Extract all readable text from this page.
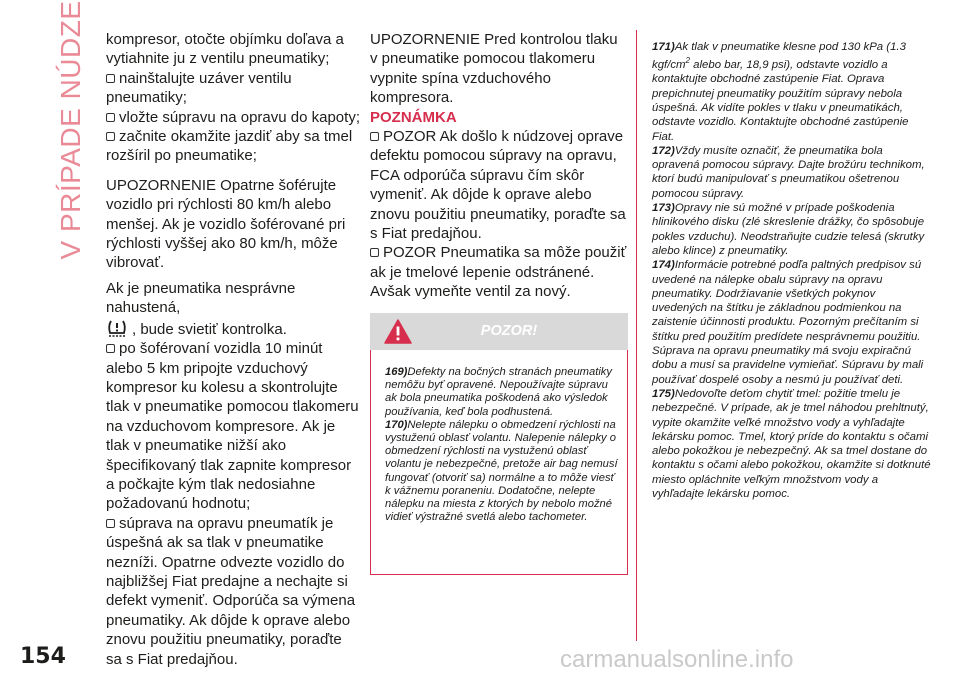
V PRÍPADE NÚDZE kompresor, otočte objímku doľava a vytiahnite ju z ventilu pneumatiky;

nainštalujte uzáver ventilu pneumatiky;

vložte súpravu na opravu do kapoty;

začnite okamžite jazdiť aby sa tmel rozšíril po pneumatike;

UPOZORNENIE Opatrne šoférujte vozidlo pri rýchlosti 80 km/h alebo menšej. Ak je vozidlo šoférované pri rýchlosti vyššej ako 80 km/h, môže vibrovať.

Ak je pneumatika nesprávne nahustená,
, bude svietiť kontrolka.

po šoférovaní vozidla 10 minút alebo 5 km pripojte vzduchový kompresor ku kolesu a skontrolujte tlak v pneumatike pomocou tlakomeru na vzduchovom kompresore. Ak je tlak v pneumatike nižší ako špecifikovaný tlak zapnite kompresor a počkajte kým tlak nedosiahne požadovanú hodnotu;

súprava na opravu pneumatík je úspešná ak sa tlak v pneumatike nezníži. Opatrne odvezte vozidlo do najbližšej Fiat predajne a nechajte si defekt vymeniť. Odporúča sa výmena pneumatiky. Ak dôjde k oprave alebo znovu použitiu pneumatiky, poraďte sa s Fiat predajňou.

UPOZORNENIE Pred kontrolou tlaku v pneumatike pomocou tlakomeru vypnite spína vzduchového kompresora.

POZNÁMKA

POZOR Ak došlo k núdzovej oprave defektu pomocou súpravy na opravu, FCA odporúča súpravu čím skôr vymeniť. Ak dôjde k oprave alebo znovu použitiu pneumatiky, poraďte sa s Fiat predajňou.

POZOR Pneumatika sa môže použiť ak je tmelové lepenie odstránené. Avšak vymeňte ventil za nový.

POZOR!

169)Defekty na bočných stranách pneumatiky nemôžu byť opravené. Nepoužívajte súpravu ak bola pneumatika poškodená ako výsledok používania, keď bola podhustená.

170)Nelepte nálepku o obmedzení rýchlosti na vystuženú oblasť volantu. Nalepenie nálepky o obmedzení rýchlosti na vystuženú oblasť volantu je nebezpečné, pretože air bag nemusí fungovať (otvoriť sa) normálne a to môže viesť k vážnemu poraneniu. Dodatočne, nelepte nálepku na miesta z ktorých by nebolo možné vidieť výstražné svetlá alebo tachometer.

171)Ak tlak v pneumatike klesne pod 130 kPa (1.3 kgf/$cm^2$ alebo bar, 18,9 psi), odstavte vozidlo a kontaktujte obchodné zastúpenie Fiat. Oprava prepichnutej pneumatiky použitím súpravy nebola úspešná. Ak vidíte pokles v tlaku v pneumatikách, odstavte vozidlo. Kontaktujte obchodné zastúpenie Fiat.

172)Vždy musíte označiť, že pneumatika bola opravená pomocou súpravy. Dajte brožúru technikom, ktorí budú manipulovať s pneumatikou ošetrenou pomocou súpravy.

173)Opravy nie sú možné v prípade poškodenia hlinikového disku (zlé skreslenie drážky, čo spôsobuje pokles vzduchu). Neodstraňujte cudzie telesá (skrutky alebo klince) z pneumatiky.

174)Informácie potrebné podľa paltných predpisov sú uvedené na nálepke obalu súpravy na opravu pneumatiky. Dodržiavanie všetkých pokynov uvedených na štítku je základnou podmienkou na zaistenie účinnosti produktu. Pozorným prečítaním si štítku pred použitím predídete nesprávnemu použitiu. Súprava na opravu pneumatiky má svoju expiračnú dobu a musí sa pravidelne vymieňať. Súpravu by mali používať dospelé osoby a nesmú ju používať deti.

175)Nedovoľte deťom chytiť tmel: požitie tmelu je nebezpečné. V prípade, ak je tmel náhodou prehltnutý, vypite okamžite veľké množstvo vody a vyhľadajte lekársku pomoc. Tmel, ktorý príde do kontaktu s očami alebo pokožkou je nebezpečný. Ak sa tmel dostane do kontaktu s očami alebo pokožkou, okamžite si dotknuté miesto opláchnite veľkým množstvom vody a vyhľadajte lekársku pomoc.

154	carmanualsonline.info
